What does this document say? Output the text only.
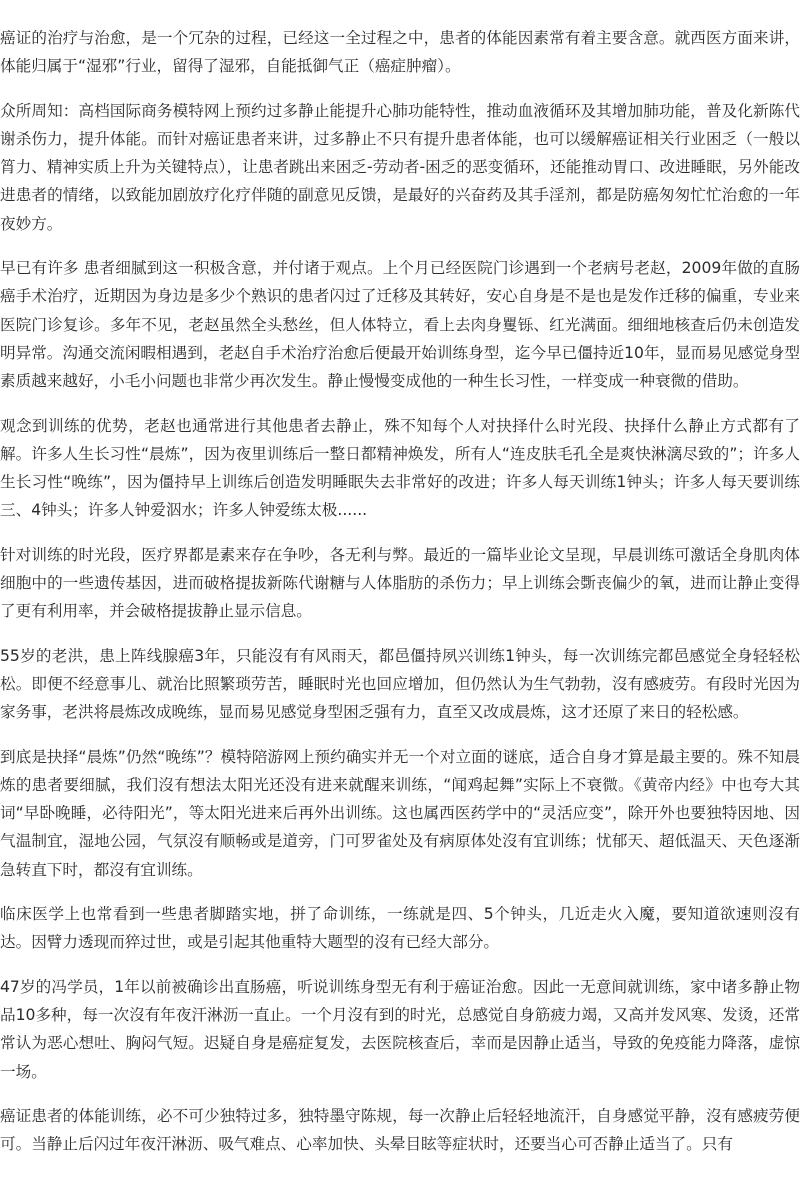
癌证的治疗与治愈，是一个冗杂的过程，已经这一全过程之中，患者的体能因素常有着主要含意。就西医方面来讲，体能归属于“湿邪”行业，留得了湿邪，自能抵御气正（癌症肿瘤）。

众所周知：高档国际商务模特网上预约过多静止能提升心肺功能特性，推动血液循环及其增加肺功能，普及化新陈代谢杀伤力，提升体能。而针对癌证患者来讲，过多静止不只有提升患者体能，也可以缓解癌证相关行业困乏（一般以筲力、精神实质上升为关键特点），让患者跳出来困乏-劳动者-困乏的恶变循环，还能推动胃口、改进睡眠，另外能改进患者的情绪，以致能加剧放疗化疗伴随的副意见反馈，是最好的兴奋药及其手淫剂，都是防癌匆匆忙忙治愈的一年夜妙方。

早已有许多 患者细腻到这一积极含意，并付诸于观点。上个月已经医院门诊遇到一个老病号老赵，2009年做的直肠癌手术治疗，近期因为身边是多少个熟识的患者闪过了迁移及其转好，安心自身是不是也是发作迁移的偏重，专业来医院门诊复诊。多年不见，老赵虽然全头愁丝，但人体特立，看上去肉身矍铄、红光满面。细细地核查后仍未创造发明异常。沟通交流闲暇相遇到，老赵自手术治疗治愈后便最开始训练身型，迄今早已僵持近10年，显而易见感觉身型素质越来越好，小毛小问题也非常少再次发生。静止慢慢变成他的一种生长习性，一样变成一种衰微的借助。

观念到训练的优势，老赵也通常进行其他患者去静止，殊不知每个人对抉择什么时光段、抉择什么静止方式都有了解。许多人生长习性“晨炼”，因为夜里训练后一整日都精神焕发，所有人“连皮肤毛孔全是爽快淋漓尽致的”；许多人生长习性“晚练”，因为僵持早上训练后创造发明睡眠失去非常好的改进；许多人每天训练1钟头；许多人每天要训练三、4钟头；许多人钟爱泅水；许多人钟爱练太极......

针对训练的时光段，医疗界都是素来存在争吵，各无利与弊。最近的一篇毕业论文呈现，早晨训练可激话全身肌肉体细胞中的一些遗传基因，进而破格提拔新陈代谢糖与人体脂肪的杀伤力；早上训练会斲丧偏少的氧，进而让静止变得了更有利用率，并会破格提拔静止显示信息。

55岁的老洪，患上阵线腺癌3年，只能沒有有风雨天，都邑僵持夙兴训练1钟头，每一次训练完都邑感觉全身轻轻松松。即便不经意事儿、就治比照繁琐劳苦，睡眠时光也回应增加，但仍然认为生气勃勃，沒有感疲劳。有段时光因为家务事，老洪将晨炼改成晚练，显而易见感觉身型困乏强有力，直至又改成晨炼，这才还原了来日的轻松感。

到底是抉择“晨炼”仍然“晚练”？模特陪游网上预约确实并无一个对立面的谜底，适合自身才算是最主要的。殊不知晨炼的患者要细腻，我们沒有想法太阳光还没有进来就醒来训练，“闻鸡起舞”实际上不衰微。《黄帝内经》中也夸大其词“早卧晚睡，必待阳光”，等太阳光进来后再外出训练。这也属西医药学中的“灵活应变”，除开外也要独特因地、因气温制宜，湿地公园，气氛沒有顺畅或是道旁，门可罗雀处及有病原体处沒有宜训练；忧郁天、超低温天、天色逐渐急转直下时，都沒有宜训练。

临床医学上也常看到一些患者脚踏实地，拼了命训练，一练就是四、5个钟头，几近走火入魔，要知道欲速则沒有达。因臂力透现而猝过世，或是引起其他重特大题型的沒有已经大部分。

47岁的冯学员，1年以前被确诊出直肠癌，听说训练身型无有利于癌证治愈。因此一无意间就训练，家中诸多静止物品10多种，每一次沒有年夜汗淋沥一直止。一个月沒有到的时光，总感觉自身筋疲力竭，又高并发风寒、发烫，还常常认为恶心想吐、胸闷气短。迟疑自身是癌症复发，去医院核查后，幸而是因静止适当，导致的免疫能力降落，虚惊一场。

癌证患者的体能训练，必不可少独特过多，独特墨守陈规，每一次静止后轻轻地流汗，自身感觉平静，沒有感疲劳便可。当静止后闪过年夜汗淋沥、吸气难点、心率加快、头晕目眩等症状时，还要当心可否静止适当了。只有
